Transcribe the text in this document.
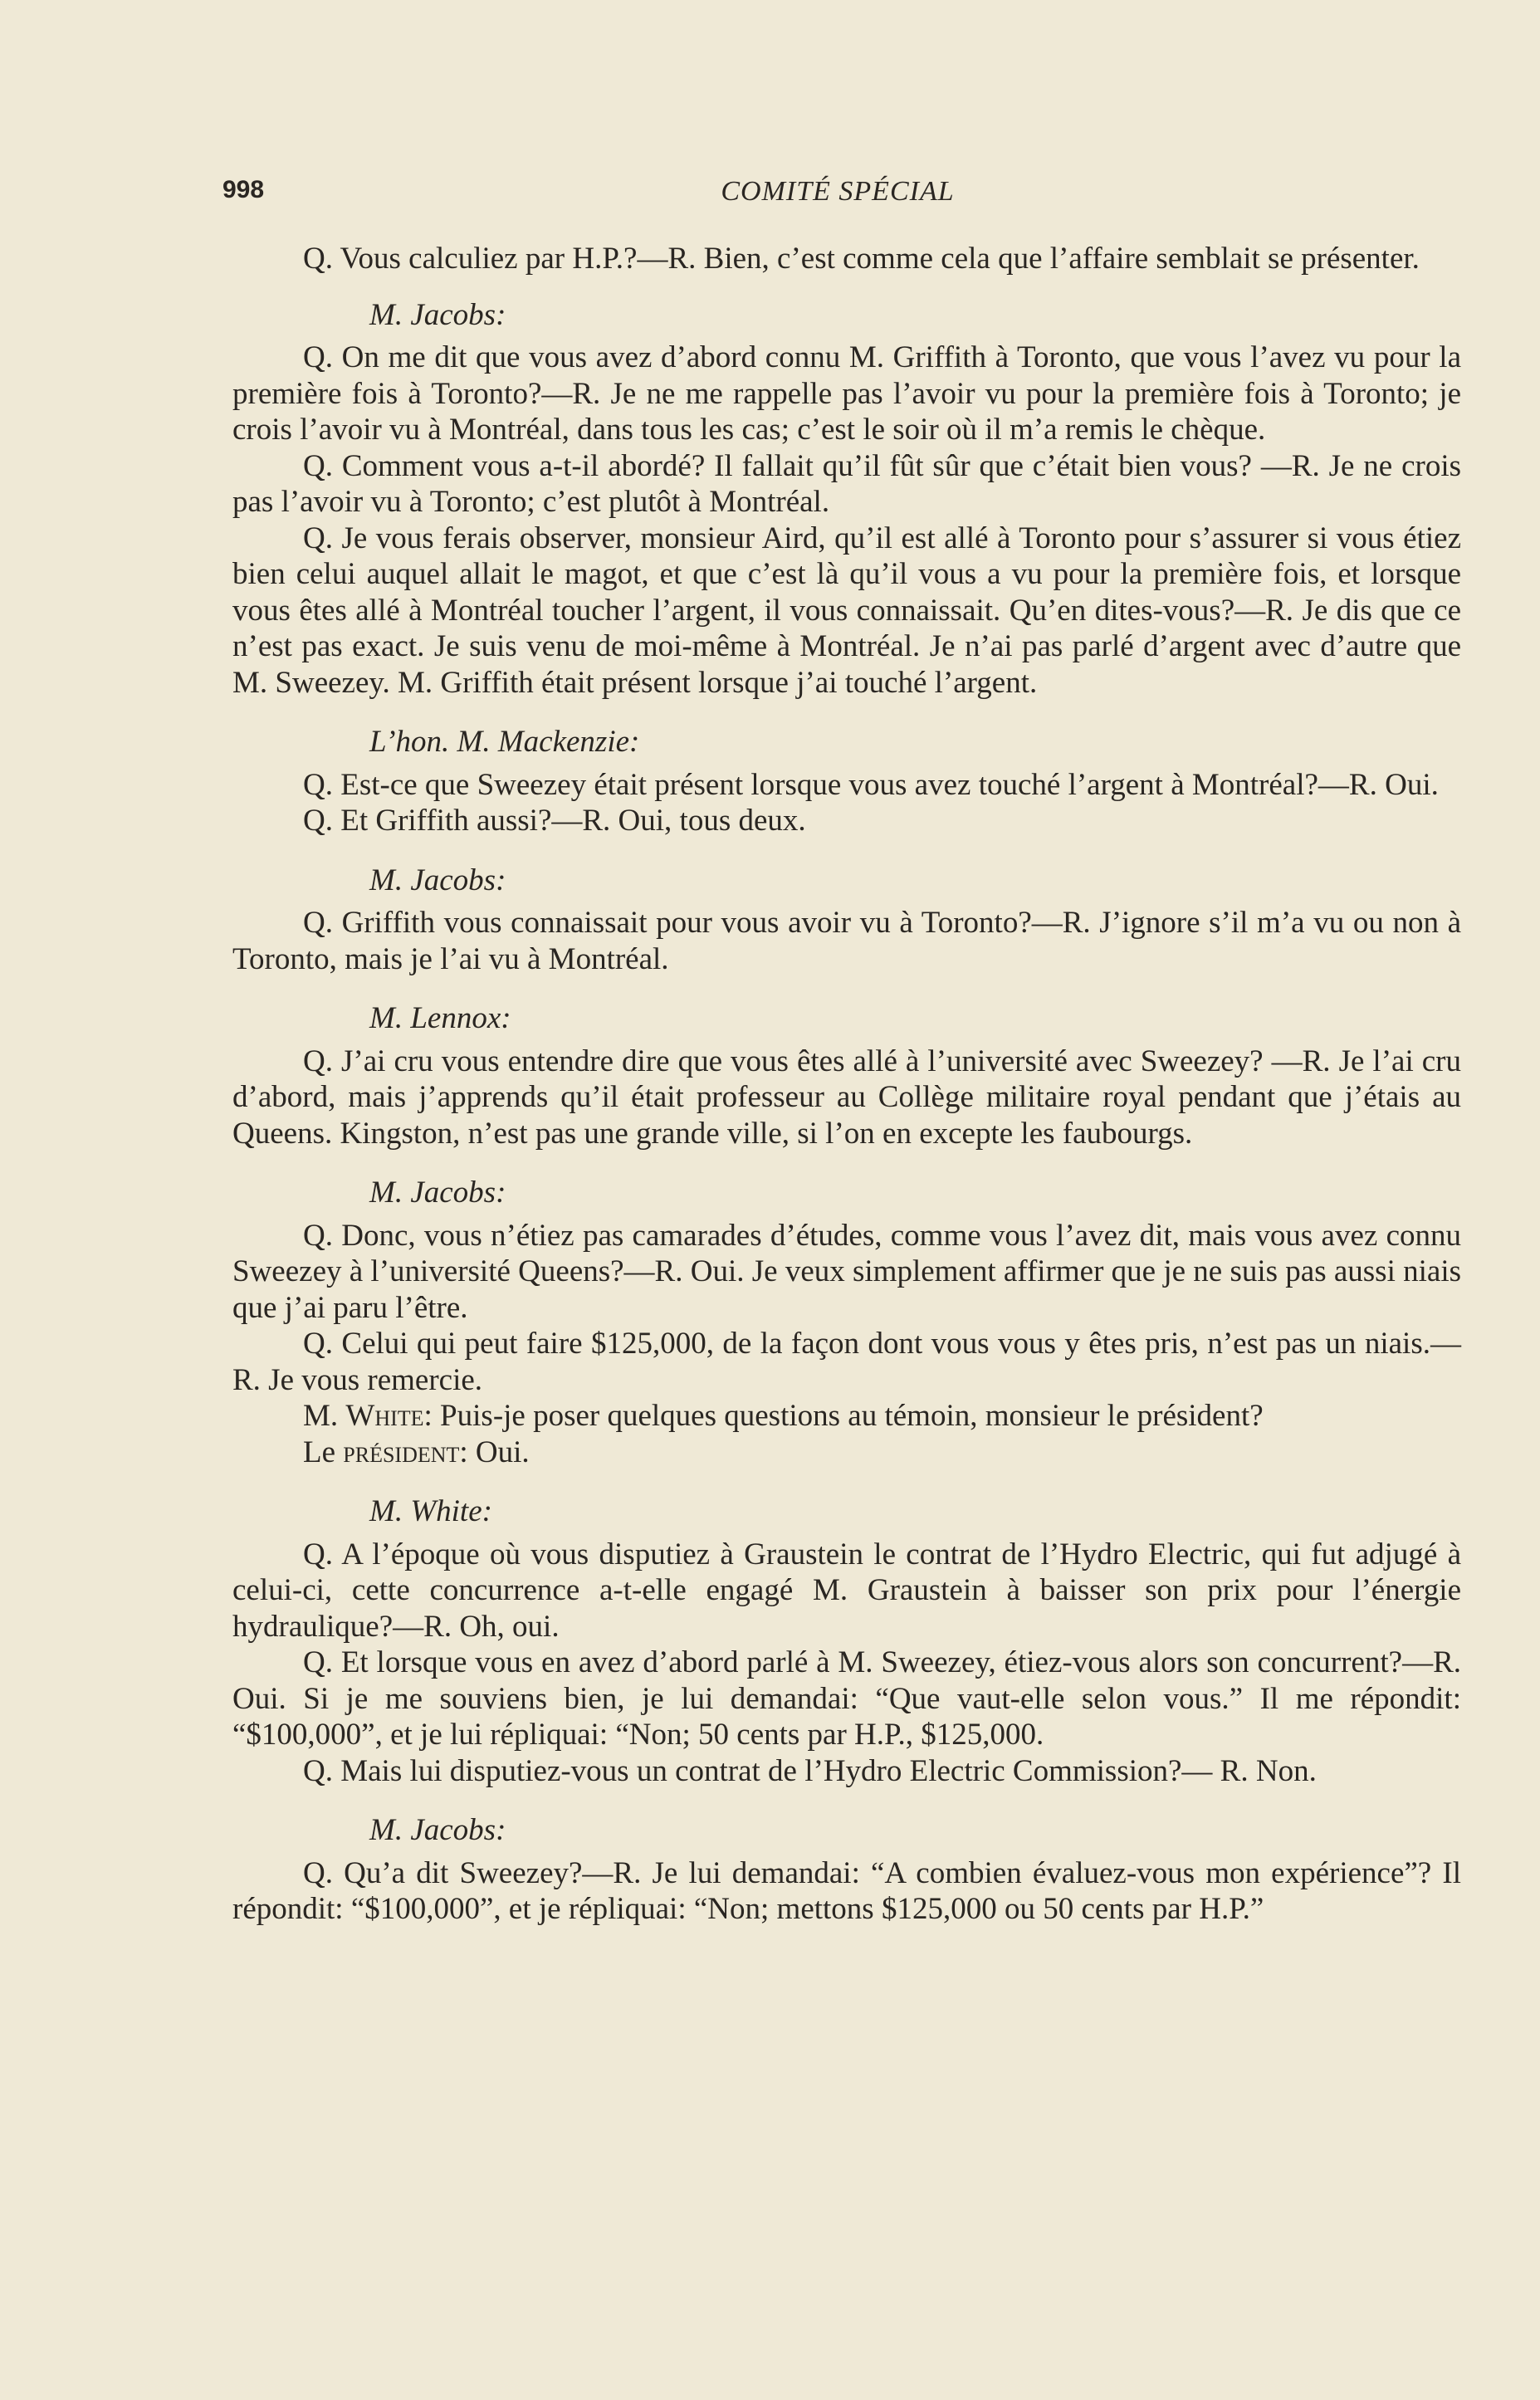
998	COMITÉ SPÉCIAL

Q. Vous calculiez par H.P.?—R. Bien, c’est comme cela que l’affaire semblait se présenter.

M. Jacobs:

Q. On me dit que vous avez d’abord connu M. Griffith à Toronto, que vous l’avez vu pour la première fois à Toronto?—R. Je ne me rappelle pas l’avoir vu pour la première fois à Toronto; je crois l’avoir vu à Montréal, dans tous les cas; c’est le soir où il m’a remis le chèque.

Q. Comment vous a-t-il abordé? Il fallait qu’il fût sûr que c’était bien vous? —R. Je ne crois pas l’avoir vu à Toronto; c’est plutôt à Montréal.

Q. Je vous ferais observer, monsieur Aird, qu’il est allé à Toronto pour s’assurer si vous étiez bien celui auquel allait le magot, et que c’est là qu’il vous a vu pour la première fois, et lorsque vous êtes allé à Montréal toucher l’argent, il vous connaissait. Qu’en dites-vous?—R. Je dis que ce n’est pas exact. Je suis venu de moi-même à Montréal. Je n’ai pas parlé d’argent avec d’autre que M. Sweezey. M. Griffith était présent lorsque j’ai touché l’argent.

L’hon. M. Mackenzie:

Q. Est-ce que Sweezey était présent lorsque vous avez touché l’argent à Montréal?—R. Oui.

Q. Et Griffith aussi?—R. Oui, tous deux.

M. Jacobs:

Q. Griffith vous connaissait pour vous avoir vu à Toronto?—R. J’ignore s’il m’a vu ou non à Toronto, mais je l’ai vu à Montréal.

M. Lennox:

Q. J’ai cru vous entendre dire que vous êtes allé à l’université avec Sweezey? —R. Je l’ai cru d’abord, mais j’apprends qu’il était professeur au Collège militaire royal pendant que j’étais au Queens. Kingston, n’est pas une grande ville, si l’on en excepte les faubourgs.

M. Jacobs:

Q. Donc, vous n’étiez pas camarades d’études, comme vous l’avez dit, mais vous avez connu Sweezey à l’université Queens?—R. Oui. Je veux simplement affirmer que je ne suis pas aussi niais que j’ai paru l’être.

Q. Celui qui peut faire $125,000, de la façon dont vous vous y êtes pris, n’est pas un niais.—R. Je vous remercie.

M. White: Puis-je poser quelques questions au témoin, monsieur le président?

Le président: Oui.

M. White:

Q. A l’époque où vous disputiez à Graustein le contrat de l’Hydro Electric, qui fut adjugé à celui-ci, cette concurrence a-t-elle engagé M. Graustein à baisser son prix pour l’énergie hydraulique?—R. Oh, oui.

Q. Et lorsque vous en avez d’abord parlé à M. Sweezey, étiez-vous alors son concurrent?—R. Oui. Si je me souviens bien, je lui demandai: “Que vaut-elle selon vous.” Il me répondit: “$100,000”, et je lui répliquai: “Non; 50 cents par H.P., $125,000.

Q. Mais lui disputiez-vous un contrat de l’Hydro Electric Commission?— R. Non.

M. Jacobs:

Q. Qu’a dit Sweezey?—R. Je lui demandai: “A combien évaluez-vous mon expérience”? Il répondit: “$100,000”, et je répliquai: “Non; mettons $125,000 ou 50 cents par H.P.”
